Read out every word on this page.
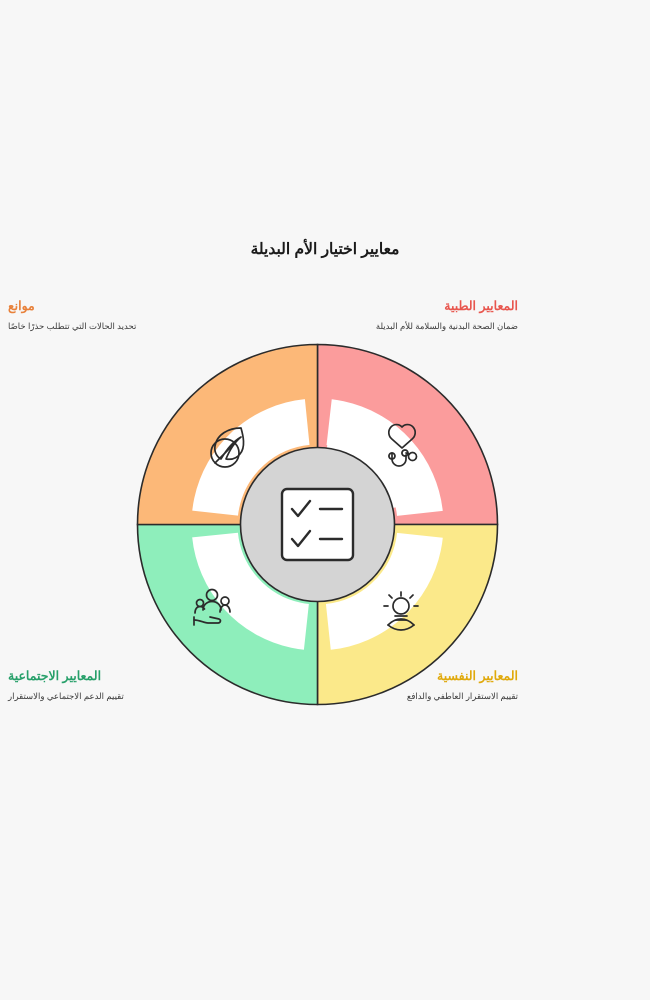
معايير اختيار الأم البديلة

المعايير الطبية

ضمان الصحة البدنية والسلامة للأم البديلة

موانع

تحديد الحالات التي تتطلب حذرًا خاصًا

المعايير الاجتماعية

تقييم الدعم الاجتماعي والاستقرار

المعايير النفسية

تقييم الاستقرار العاطفي والدافع
